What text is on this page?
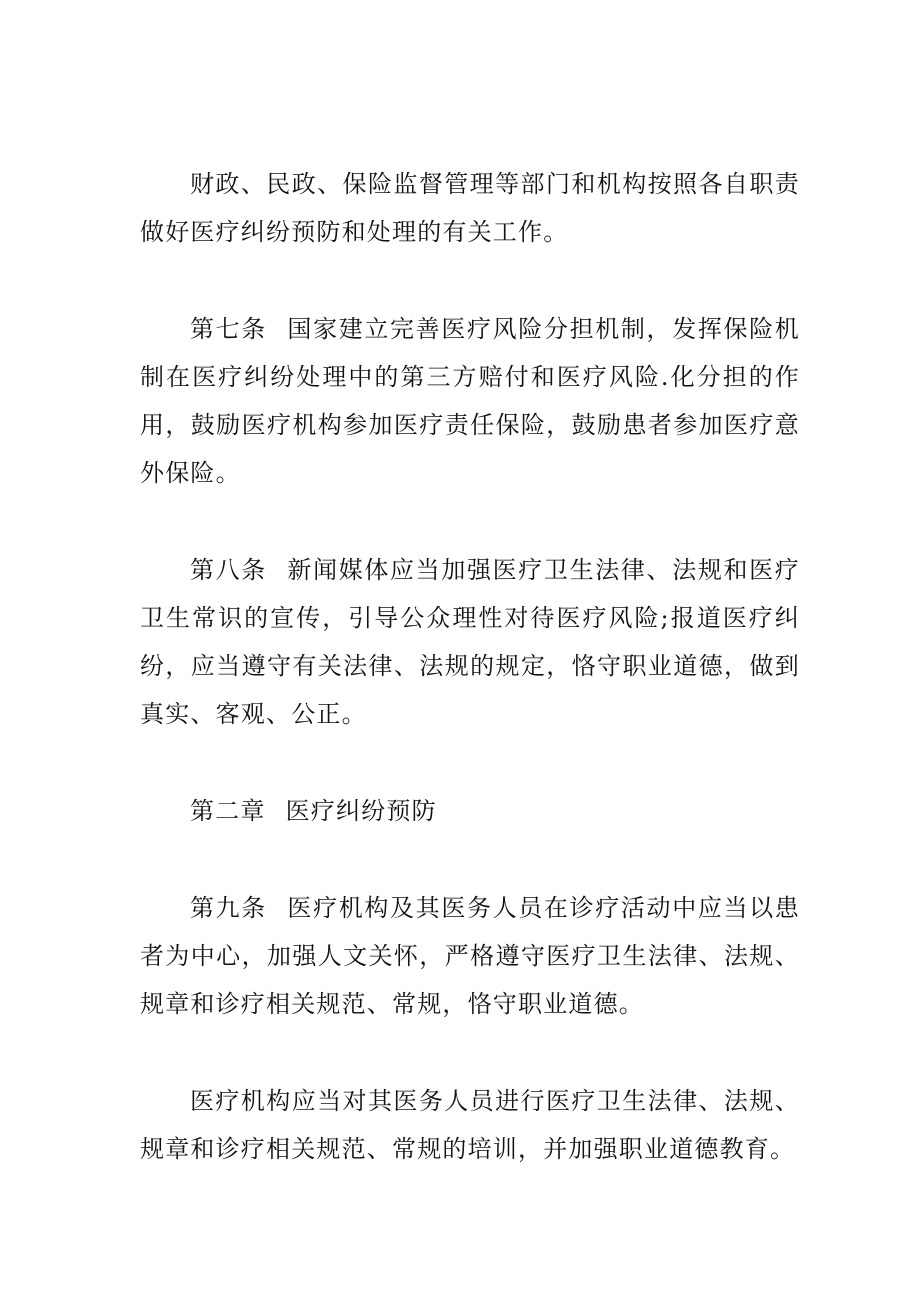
财政、民政、保险监督管理等部门和机构按照各自职责做好医疗纠纷预防和处理的有关工作。

第七条 国家建立完善医疗风险分担机制，发挥保险机制在医疗纠纷处理中的第三方赔付和医疗风险.化分担的作用，鼓励医疗机构参加医疗责任保险，鼓励患者参加医疗意外保险。

第八条 新闻媒体应当加强医疗卫生法律、法规和医疗卫生常识的宣传，引导公众理性对待医疗风险;报道医疗纠纷，应当遵守有关法律、法规的规定，恪守职业道德，做到真实、客观、公正。

第二章 医疗纠纷预防

第九条 医疗机构及其医务人员在诊疗活动中应当以患者为中心，加强人文关怀，严格遵守医疗卫生法律、法规、规章和诊疗相关规范、常规，恪守职业道德。

医疗机构应当对其医务人员进行医疗卫生法律、法规、规章和诊疗相关规范、常规的培训，并加强职业道德教育。
